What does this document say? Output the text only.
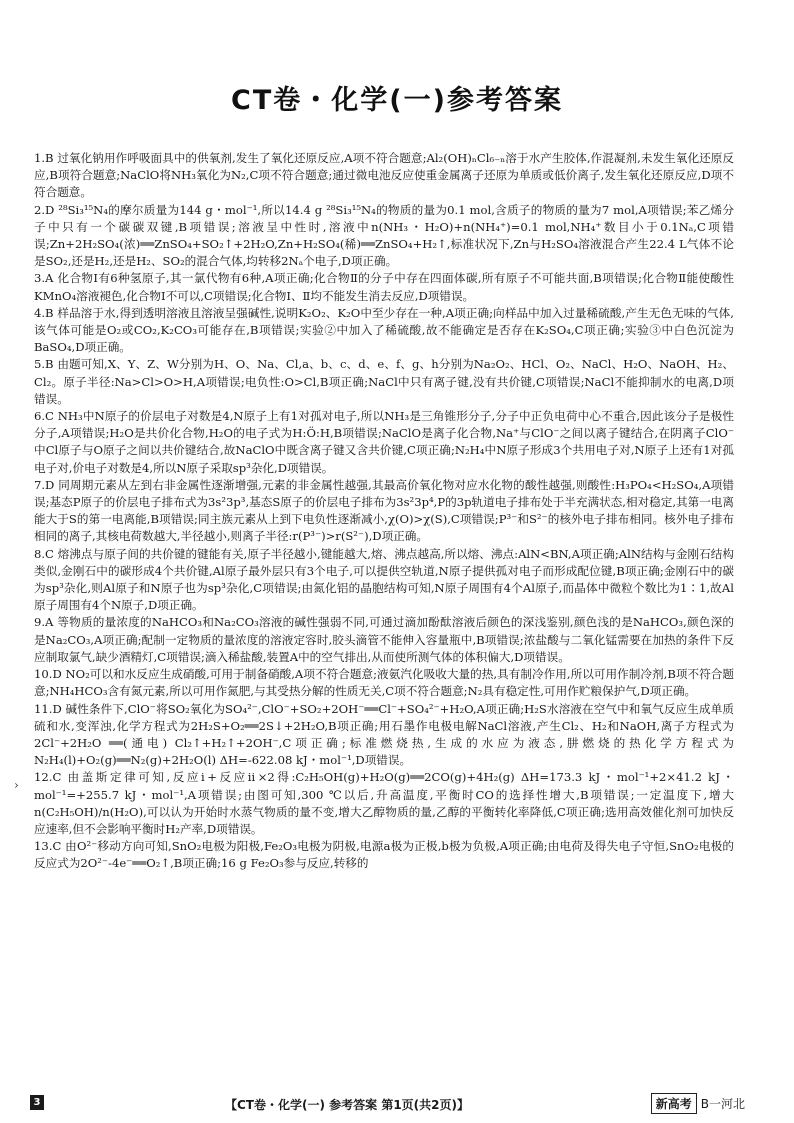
CT卷・化学(一)参考答案
1.B 过氧化钠用作呼吸面具中的供氧剂,发生了氧化还原反应,A项不符合题意;Al₂(OH)ₙCl₆₋ₙ溶于水产生胶体,作混凝剂,未发生氧化还原反应,B项符合题意;NaClO将NH₃氧化为N₂,C项不符合题意;通过微电池反应使重金属离子还原为单质或低价离子,发生氧化还原反应,D项不符合题意。
2.D ²⁸Si₃¹⁵N₄的摩尔质量为144 g・mol⁻¹,所以14.4 g ²⁸Si₃¹⁵N₄的物质的量为0.1 mol,含质子的物质的量为7 mol,A项错误;苯乙烯分子中只有一个碳碳双键,B项错误;溶液呈中性时,溶液中n(NH₃・H₂O)+n(NH₄⁺)=0.1 mol,NH₄⁺数目小于0.1Nₐ,C项错误;Zn+2H₂SO₄(浓)══ZnSO₄+SO₂↑+2H₂O,Zn+H₂SO₄(稀)══ZnSO₄+H₂↑,标准状况下,Zn与H₂SO₄溶液混合产生22.4 L气体不论是SO₂,还是H₂,还是H₂、SO₂的混合气体,均转移2Nₐ个电子,D项正确。
3.A 化合物Ⅰ有6种氢原子,其一氯代物有6种,A项正确;化合物Ⅱ的分子中存在四面体碳,所有原子不可能共面,B项错误;化合物Ⅱ能使酸性KMnO₄溶液褪色,化合物Ⅰ不可以,C项错误;化合物Ⅰ、Ⅱ均不能发生消去反应,D项错误。
4.B 样品溶于水,得到透明溶液且溶液呈强碱性,说明K₂O₂、K₂O中至少存在一种,A项正确;向样品中加入过量稀硫酸,产生无色无味的气体,该气体可能是O₂或CO₂,K₂CO₃可能存在,B项错误;实验②中加入了稀硫酸,故不能确定是否存在K₂SO₄,C项正确;实验③中白色沉淀为BaSO₄,D项正确。
5.B 由题可知,X、Y、Z、W分别为H、O、Na、Cl,a、b、c、d、e、f、g、h分别为Na₂O₂、HCl、O₂、NaCl、H₂O、NaOH、H₂、Cl₂。原子半径:Na>Cl>O>H,A项错误;电负性:O>Cl,B项正确;NaCl中只有离子键,没有共价键,C项错误;NaCl不能抑制水的电离,D项错误。
6.C NH₃中N原子的价层电子对数是4,N原子上有1对孤对电子,所以NH₃是三角锥形分子,分子中正负电荷中心不重合,因此该分子是极性分子,A项错误;H₂O是共价化合物,H₂O的电子式为H:Ö:H,B项错误;NaClO是离子化合物,Na⁺与ClO⁻之间以离子键结合,在阴离子ClO⁻中Cl原子与O原子之间以共价键结合,故NaClO中既含离子键又含共价键,C项正确;N₂H₄中N原子形成3个共用电子对,N原子上还有1对孤电子对,价电子对数是4,所以N原子采取sp³杂化,D项错误。
7.D 同周期元素从左到右非金属性逐渐增强,元素的非金属性越强,其最高价氧化物对应水化物的酸性越强,则酸性:H₃PO₄<H₂SO₄,A项错误;基态P原子的价层电子排布式为3s²3p³,基态S原子的价层电子排布为3s²3p⁴,P的3p轨道电子排布处于半充满状态,相对稳定,其第一电离能大于S的第一电离能,B项错误;同主族元素从上到下电负性逐渐减小,χ(O)>χ(S),C项错误;P³⁻和S²⁻的核外电子排布相同。核外电子排布相同的离子,其核电荷数越大,半径越小,则离子半径:r(P³⁻)>r(S²⁻),D项正确。
8.C 熔沸点与原子间的共价键的键能有关,原子半径越小,键能越大,熔、沸点越高,所以熔、沸点:AlN<BN,A项正确;AlN结构与金刚石结构类似,金刚石中的碳形成4个共价键,Al原子最外层只有3个电子,可以提供空轨道,N原子提供孤对电子而形成配位键,B项正确;金刚石中的碳为sp³杂化,则Al原子和N原子也为sp³杂化,C项错误;由氮化铝的晶胞结构可知,N原子周围有4个Al原子,而晶体中微粒个数比为1∶1,故Al原子周围有4个N原子,D项正确。
9.A 等物质的量浓度的NaHCO₃和Na₂CO₃溶液的碱性强弱不同,可通过滴加酚酞溶液后颜色的深浅鉴别,颜色浅的是NaHCO₃,颜色深的是Na₂CO₃,A项正确;配制一定物质的量浓度的溶液定容时,胶头滴管不能伸入容量瓶中,B项错误;浓盐酸与二氧化锰需要在加热的条件下反应制取氯气,缺少酒精灯,C项错误;滴入稀盐酸,装置A中的空气排出,从而使所测气体的体积偏大,D项错误。
10.D NO₂可以和水反应生成硝酸,可用于制备硝酸,A项不符合题意;液氨汽化吸收大量的热,具有制冷作用,所以可用作制冷剂,B项不符合题意;NH₄HCO₃含有氮元素,所以可用作氮肥,与其受热分解的性质无关,C项不符合题意;N₂具有稳定性,可用作贮粮保护气,D项正确。
11.D 碱性条件下,ClO⁻将SO₂氧化为SO₄²⁻,ClO⁻+SO₂+2OH⁻══Cl⁻+SO₄²⁻+H₂O,A项正确;H₂S水溶液在空气中和氧气反应生成单质硫和水,变浑浊,化学方程式为2H₂S+O₂══2S↓+2H₂O,B项正确;用石墨作电极电解NaCl溶液,产生Cl₂、H₂和NaOH,离子方程式为2Cl⁻+2H₂O ══(通电) Cl₂↑+H₂↑+2OH⁻,C项正确;标准燃烧热,生成的水应为液态,肼燃烧的热化学方程式为N₂H₄(l)+O₂(g)══N₂(g)+2H₂O(l) ΔH=-622.08 kJ・mol⁻¹,D项错误。
12.C 由盖斯定律可知,反应ⅰ+反应ⅱ×2得:C₂H₅OH(g)+H₂O(g)══2CO(g)+4H₂(g) ΔH=173.3 kJ・mol⁻¹+2×41.2 kJ・mol⁻¹=+255.7 kJ・mol⁻¹,A项错误;由图可知,300 ℃以后,升高温度,平衡时CO的选择性增大,B项错误;一定温度下,增大n(C₂H₅OH)/n(H₂O),可以认为开始时水蒸气物质的量不变,增大乙醇物质的量,乙醇的平衡转化率降低,C项正确;选用高效催化剂可加快反应速率,但不会影响平衡时H₂产率,D项错误。
13.C 由O²⁻移动方向可知,SnO₂电极为阳极,Fe₂O₃电极为阴极,电源a极为正极,b极为负极,A项正确;由电荷及得失电子守恒,SnO₂电极的反应式为2O²⁻-4e⁻══O₂↑,B项正确;16 g Fe₂O₃参与反应,转移的
›
3	【CT卷・化学(一) 参考答案 第1页(共2页)】	新高考 B一河北
